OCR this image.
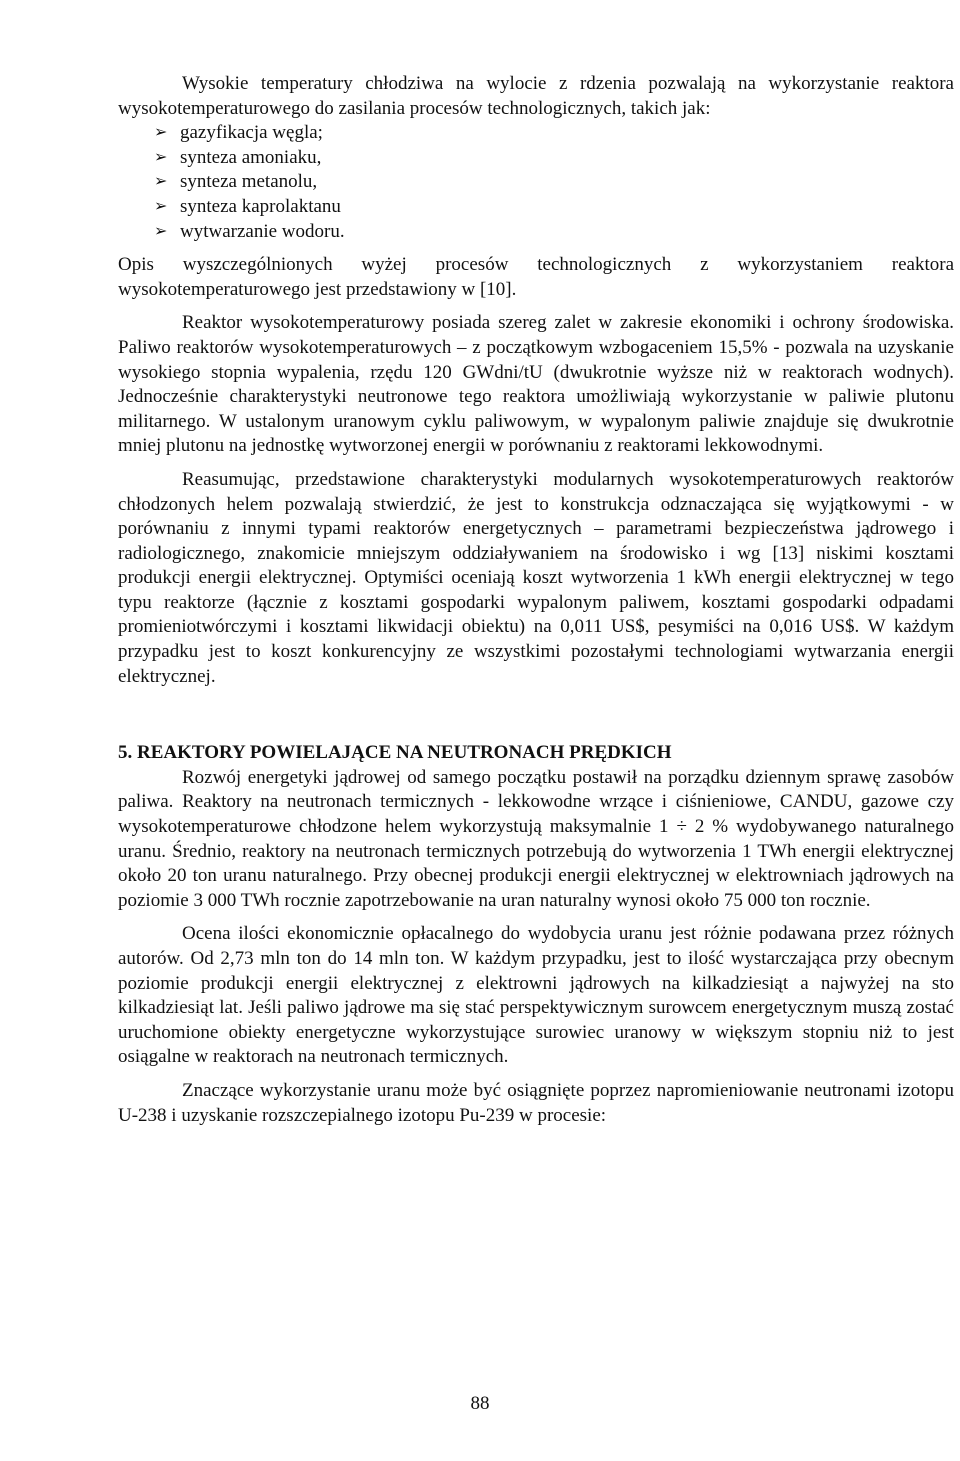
Wysokie temperatury chłodziwa na wylocie z rdzenia pozwalają na wykorzystanie reaktora wysokotemperaturowego do zasilania procesów technologicznych, takich jak:

➢ gazyfikacja węgla;
➢ synteza amoniaku,
➢ synteza metanolu,
➢ synteza kaprolaktanu
➢ wytwarzanie wodoru.

Opis wyszczególnionych wyżej procesów technologicznych z wykorzystaniem reaktora wysokotemperaturowego jest przedstawiony w [10].

Reaktor wysokotemperaturowy posiada szereg zalet w zakresie ekonomiki i ochrony środowiska. Paliwo reaktorów wysokotemperaturowych – z początkowym wzbogaceniem 15,5% - pozwala na uzyskanie wysokiego stopnia wypalenia, rzędu 120 GWdni/tU (dwukrotnie wyższe niż w reaktorach wodnych). Jednocześnie charakterystyki neutronowe tego reaktora umożliwiają wykorzystanie w paliwie plutonu militarnego. W ustalonym uranowym cyklu paliwowym, w wypalonym paliwie znajduje się dwukrotnie mniej plutonu na jednostkę wytworzonej energii w porównaniu z reaktorami lekkowodnymi.

Reasumując, przedstawione charakterystyki modularnych wysokotemperaturowych reaktorów chłodzonych helem pozwalają stwierdzić, że jest to konstrukcja odznaczająca się wyjątkowymi - w porównaniu z innymi typami reaktorów energetycznych – parametrami bezpieczeństwa jądrowego i radiologicznego, znakomicie mniejszym oddziaływaniem na środowisko i wg [13] niskimi kosztami produkcji energii elektrycznej. Optymiści oceniają koszt wytworzenia 1 kWh energii elektrycznej w tego typu reaktorze (łącznie z kosztami gospodarki wypalonym paliwem, kosztami gospodarki odpadami promieniotwórczymi i kosztami likwidacji obiektu) na 0,011 US$, pesymiści na 0,016 US$. W każdym przypadku jest to koszt konkurencyjny ze wszystkimi pozostałymi technologiami wytwarzania energii elektrycznej.

5. REAKTORY POWIELAJĄCE NA NEUTRONACH PRĘDKICH

Rozwój energetyki jądrowej od samego początku postawił na porządku dziennym sprawę zasobów paliwa. Reaktory na neutronach termicznych - lekkowodne wrzące i ciśnieniowe, CANDU, gazowe czy wysokotemperaturowe chłodzone helem wykorzystują maksymalnie 1 ÷ 2 % wydobywanego naturalnego uranu. Średnio, reaktory na neutronach termicznych potrzebują do wytworzenia 1 TWh energii elektrycznej około 20 ton uranu naturalnego. Przy obecnej produkcji energii elektrycznej w elektrowniach jądrowych na poziomie 3 000 TWh rocznie zapotrzebowanie na uran naturalny wynosi około 75 000 ton rocznie.

Ocena ilości ekonomicznie opłacalnego do wydobycia uranu jest różnie podawana przez różnych autorów. Od 2,73 mln ton do 14 mln ton. W każdym przypadku, jest to ilość wystarczająca przy obecnym poziomie produkcji energii elektrycznej z elektrowni jądrowych na kilkadziesiąt a najwyżej na sto kilkadziesiąt lat. Jeśli paliwo jądrowe ma się stać perspektywicznym surowcem energetycznym muszą zostać uruchomione obiekty energetyczne wykorzystujące surowiec uranowy w większym stopniu niż to jest osiągalne w reaktorach na neutronach termicznych.

Znaczące wykorzystanie uranu może być osiągnięte poprzez napromieniowanie neutronami izotopu U-238 i uzyskanie rozszczepialnego izotopu Pu-239 w procesie:

88
